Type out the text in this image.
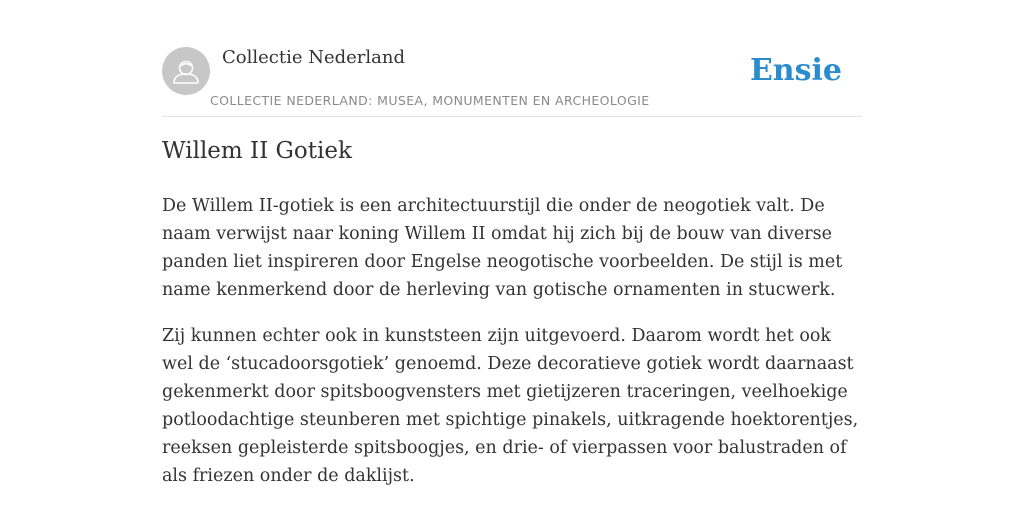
Collectie Nederland
COLLECTIE NEDERLAND: MUSEA, MONUMENTEN EN ARCHEOLOGIE
Ensie
Willem II Gotiek

De Willem II-gotiek is een architectuurstijl die onder de neogotiek valt. De naam verwijst naar koning Willem II omdat hij zich bij de bouw van diverse panden liet inspireren door Engelse neogotische voorbeelden. De stijl is met name kenmerkend door de herleving van gotische ornamenten in stucwerk.

Zij kunnen echter ook in kunststeen zijn uitgevoerd. Daarom wordt het ook wel de ‘stucadoorsgotiek’ genoemd. Deze decoratieve gotiek wordt daarnaast gekenmerkt door spitsboogvensters met gietijzeren traceringen, veelhoekige potloodachtige steunberen met spichtige pinakels, uitkragende hoektorentjes, reeksen gepleisterde spitsboogjes, en drie- of vierpassen voor balustraden of als friezen onder de daklijst.
